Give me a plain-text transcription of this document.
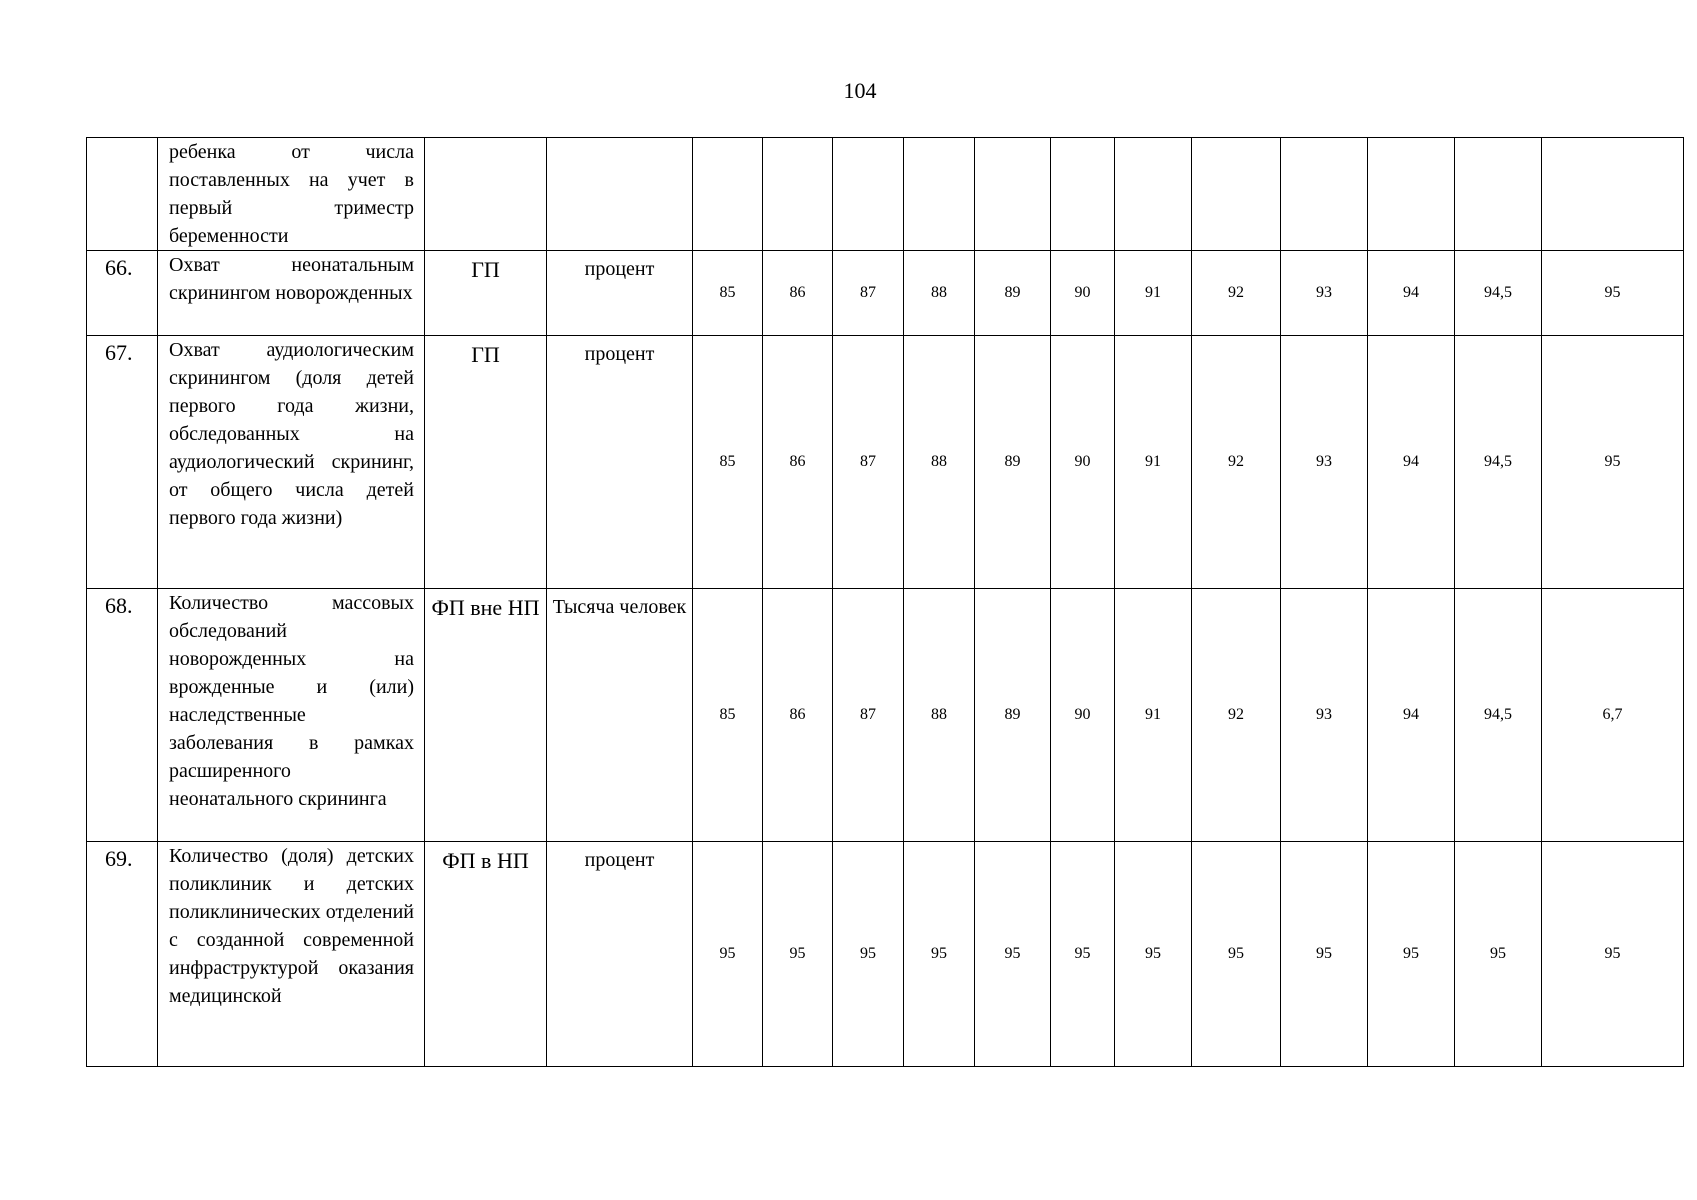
104
	ребенка от числа поставленных на учет в первый триместр беременности														
66.	Охват неонатальным скринингом новорожденных	ГП	процент	85	86	87	88	89	90	91	92	93	94	94,5	95
67.	Охват аудиологическим скринингом (доля детей первого года жизни, обследованных на аудиологический скрининг, от общего числа детей первого года жизни)	ГП	процент	85	86	87	88	89	90	91	92	93	94	94,5	95
68.	Количество массовых обследований новорожденных на врожденные и (или) наследственные заболевания в рамках расширенного неонатального скрининга	ФП вне НП	Тысяча человек	85	86	87	88	89	90	91	92	93	94	94,5	6,7
69.	Количество (доля) детских поликлиник и детских поликлинических отделений с созданной современной инфраструктурой оказания медицинской	ФП в НП	процент	95	95	95	95	95	95	95	95	95	95	95	95
